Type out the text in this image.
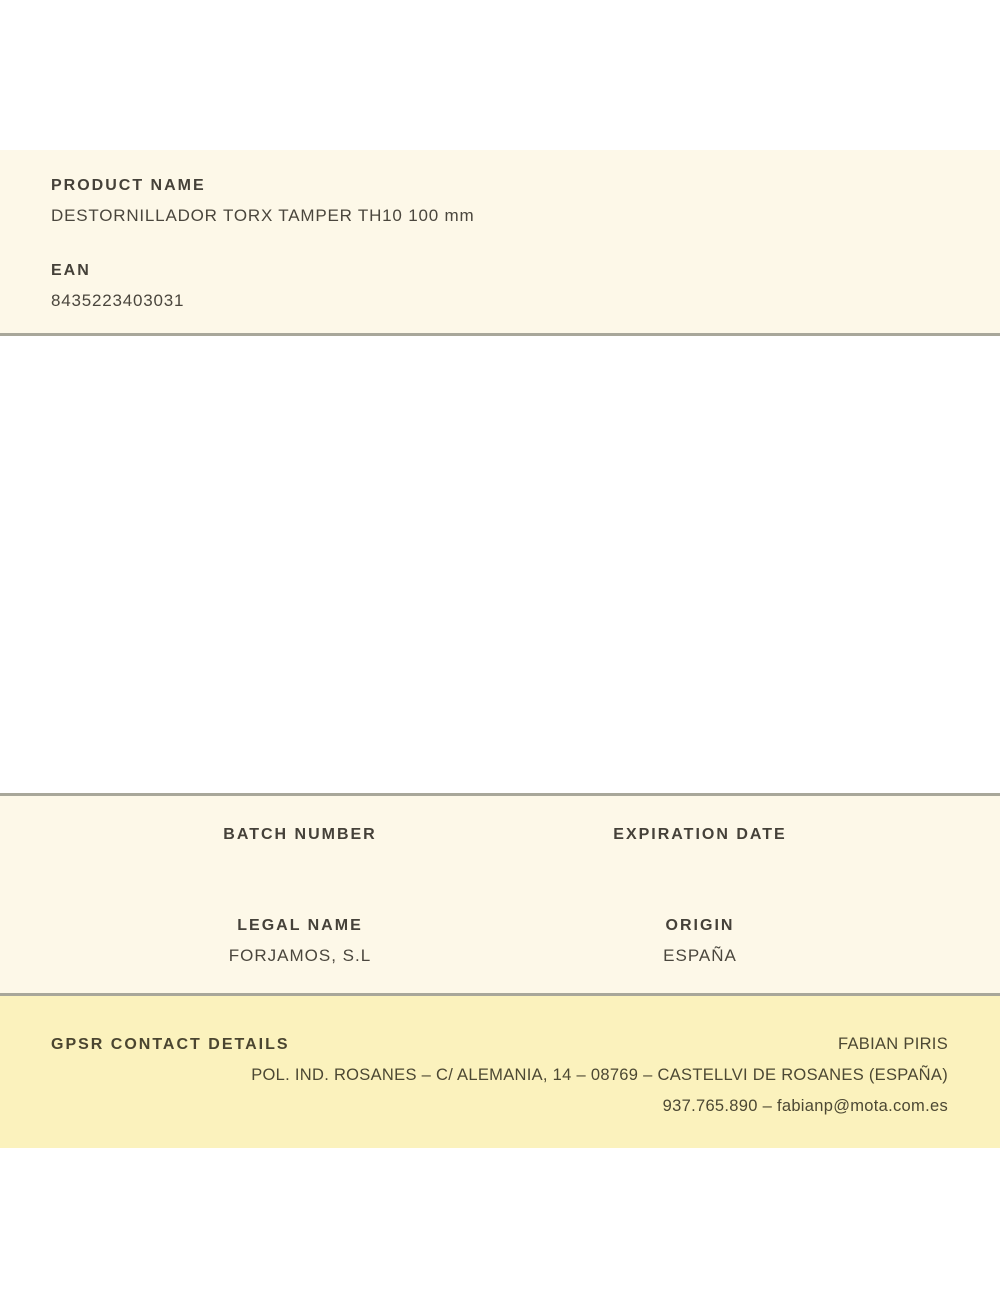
PRODUCT NAME
DESTORNILLADOR TORX TAMPER TH10 100 mm
EAN
8435223403031
BATCH NUMBER	EXPIRATION DATE
LEGAL NAME
FORJAMOS, S.L
ORIGIN
ESPAÑA
GPSR CONTACT DETAILS	FABIAN PIRIS
POL. IND. ROSANES – C/ ALEMANIA, 14 – 08769 – CASTELLVI DE ROSANES (ESPAÑA)
937.765.890 – fabianp@mota.com.es
